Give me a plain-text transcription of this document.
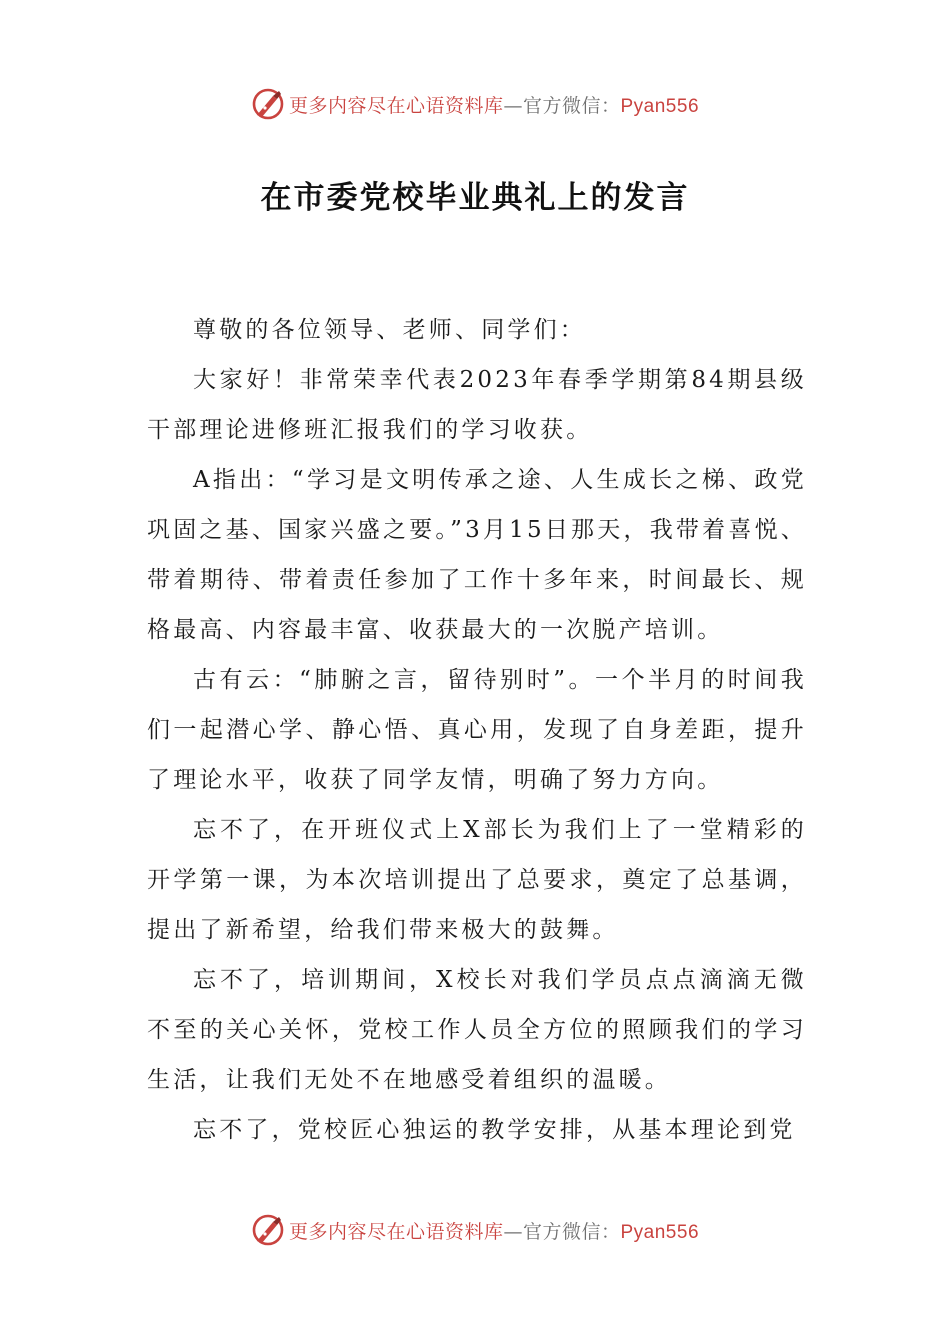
更多内容尽在心语资料库—官方微信：Pyan556
在市委党校毕业典礼上的发言

尊敬的各位领导、老师、同学们：

大家好！非常荣幸代表2023年春季学期第84期县级干部理论进修班汇报我们的学习收获。

A指出：“学习是文明传承之途、人生成长之梯、政党巩固之基、国家兴盛之要。”3月15日那天，我带着喜悦、带着期待、带着责任参加了工作十多年来，时间最长、规格最高、内容最丰富、收获最大的一次脱产培训。

古有云：“肺腑之言，留待别时”。一个半月的时间我们一起潜心学、静心悟、真心用，发现了自身差距，提升了理论水平，收获了同学友情，明确了努力方向。

忘不了，在开班仪式上X部长为我们上了一堂精彩的开学第一课，为本次培训提出了总要求，奠定了总基调，提出了新希望，给我们带来极大的鼓舞。

忘不了，培训期间，X校长对我们学员点点滴滴无微不至的关心关怀，党校工作人员全方位的照顾我们的学习生活，让我们无处不在地感受着组织的温暖。

忘不了，党校匠心独运的教学安排，从基本理论到党

更多内容尽在心语资料库—官方微信：Pyan556
